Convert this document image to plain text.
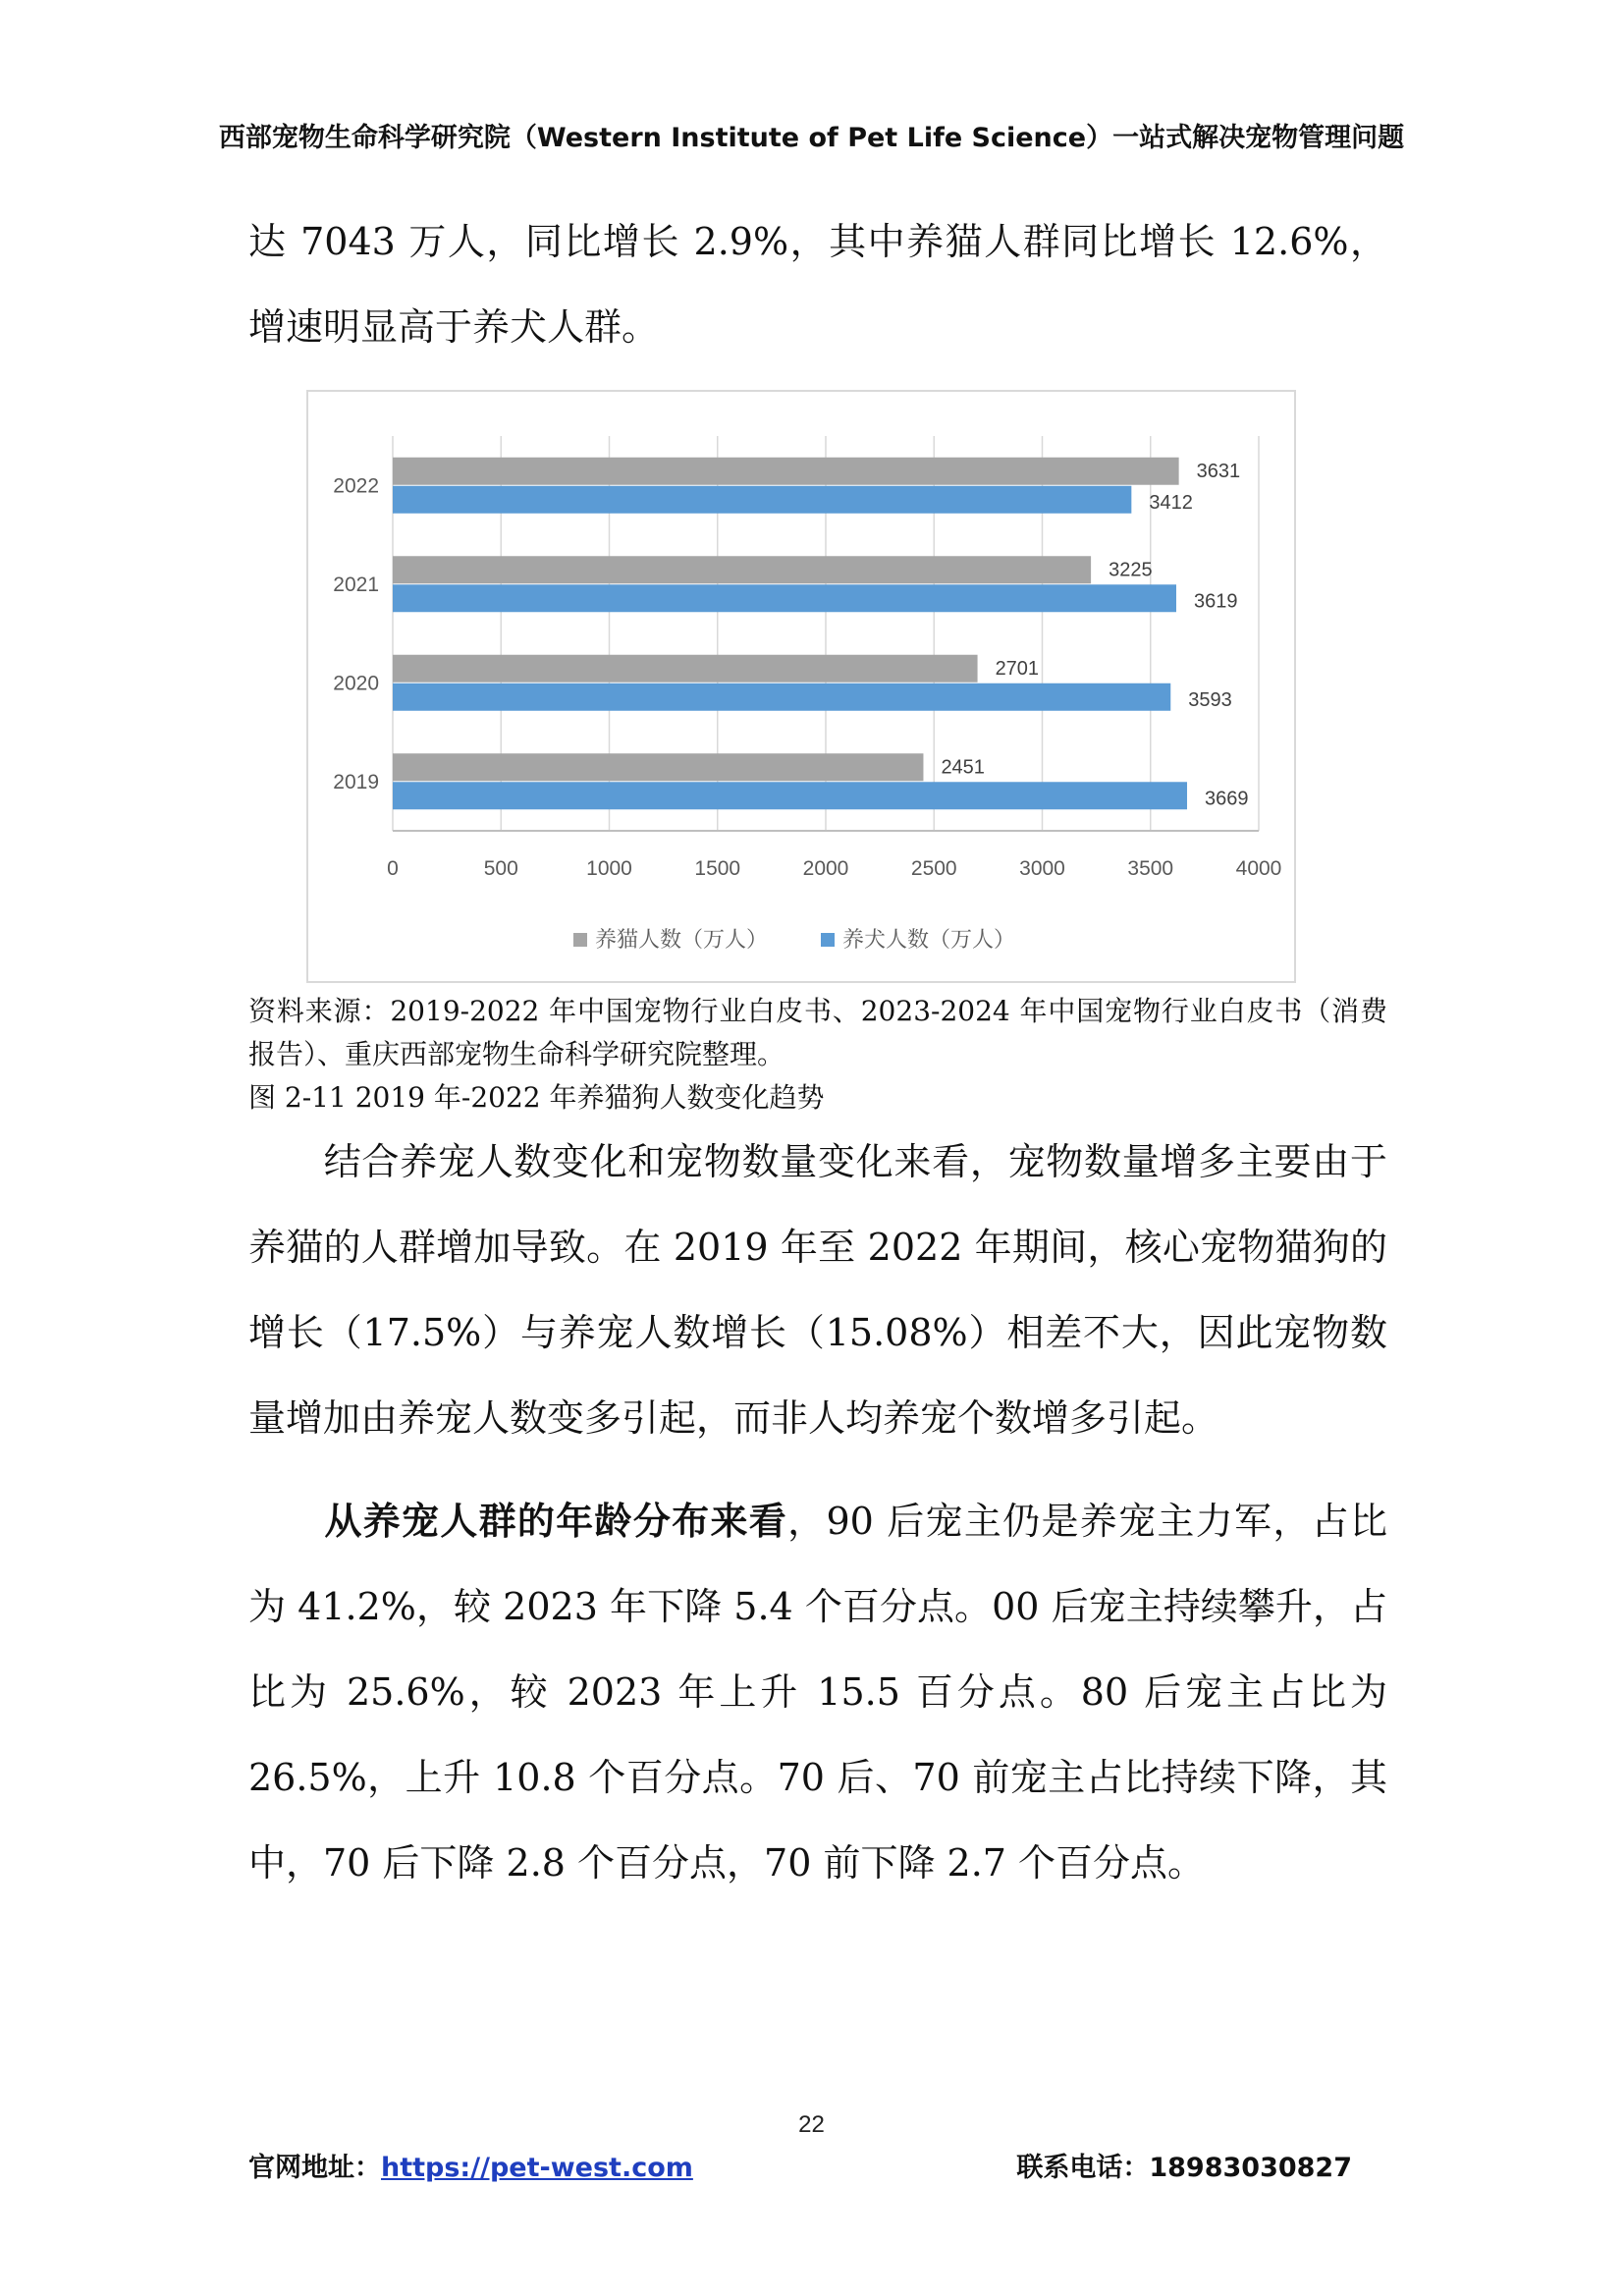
西部宠物生命科学研究院（Western Institute of Pet Life Science）一站式解决宠物管理问题
达 7043 万人，同比增长 2.9%，其中养猫人群同比增长 12.6%，增速明显高于养犬人群。
0	500	1000	1500	2000	2500	3000	3500	4000
2022
3631
3412
2021
3225
3619
2020
2701
3593
2019
2451
3669
养猫人数（万人）	养犬人数（万人）
资料来源：2019-2022 年中国宠物行业白皮书、2023-2024 年中国宠物行业白皮书（消费报告）、重庆西部宠物生命科学研究院整理。
图 2-11 2019 年-2022 年养猫狗人数变化趋势
结合养宠人数变化和宠物数量变化来看，宠物数量增多主要由于养猫的人群增加导致。在 2019 年至 2022 年期间，核心宠物猫狗的增长（17.5%）与养宠人数增长（15.08%）相差不大，因此宠物数量增加由养宠人数变多引起，而非人均养宠个数增多引起。
从养宠人群的年龄分布来看，90 后宠主仍是养宠主力军，占比为 41.2%，较 2023 年下降 5.4 个百分点。00 后宠主持续攀升，占比为 25.6%，较 2023 年上升 15.5 百分点。80 后宠主占比为 26.5%，上升 10.8 个百分点。70 后、70 前宠主占比持续下降，其中，70 后下降 2.8 个百分点，70 前下降 2.7 个百分点。
22
官网地址：https://pet-west.com	联系电话：18983030827
